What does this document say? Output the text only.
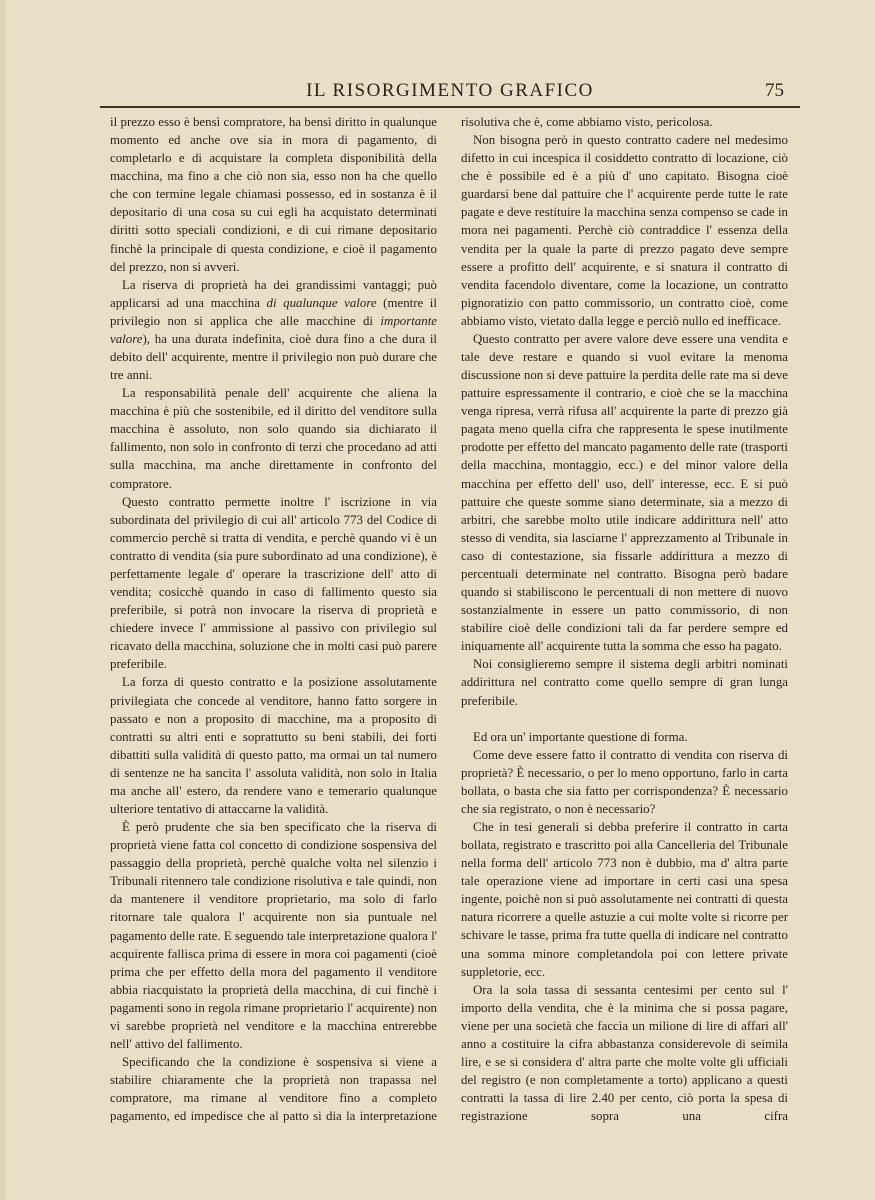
IL RISORGIMENTO GRAFICO	75

il prezzo esso è bensì compratore, ha bensì diritto in qualunque momento ed anche ove sia in mora di pagamento, di completarlo e di acquistare la completa disponibilità della macchina, ma fino a che ciò non sia, esso non ha che quello che con termine legale chiamasi possesso, ed in sostanza è il depositario di una cosa su cui egli ha acquistato determinati diritti sotto speciali condizioni, e di cui rimane depositario finchè la principale di questa condizione, e cioè il pagamento del prezzo, non si avveri.

La riserva di proprietà ha dei grandissimi vantaggi; può applicarsi ad una macchina di qualunque valore (mentre il privilegio non si applica che alle macchine di importante valore), ha una durata indefinita, cioè dura fino a che dura il debito dell' acquirente, mentre il privilegio non può durare che tre anni.

La responsabilità penale dell' acquirente che aliena la macchina è più che sostenibile, ed il diritto del venditore sulla macchina è assoluto, non solo quando sia dichiarato il fallimento, non solo in confronto di terzi che procedano ad atti sulla macchina, ma anche direttamente in confronto del compratore.

Questo contratto permette inoltre l' iscrizione in via subordinata del privilegio di cui all' articolo 773 del Codice di commercio perchè si tratta di vendita, e perchè quando vi è un contratto di vendita (sia pure subordinato ad una condizione), è perfettamente legale d' operare la trascrizione dell' atto di vendita; cosicchè quando in caso di fallimento questo sia preferibile, si potrà non invocare la riserva di proprietà e chiedere invece l' ammissione al passivo con privilegio sul ricavato della macchina, soluzione che in molti casi può parere preferibile.

La forza di questo contratto e la posizione assolutamente privilegiata che concede al venditore, hanno fatto sorgere in passato e non a proposito di macchine, ma a proposito di contratti su altri enti e soprattutto su beni stabili, dei forti dibattiti sulla validità di questo patto, ma ormai un tal numero di sentenze ne ha sancita l' assoluta validità, non solo in Italia ma anche all' estero, da rendere vano e temerario qualunque ulteriore tentativo di attaccarne la validità.

È però prudente che sia ben specificato che la riserva di proprietà viene fatta col concetto di condizione sospensiva del passaggio della proprietà, perchè qualche volta nel silenzio i Tribunali ritennero tale condizione risolutiva e tale quindi, non da mantenere il venditore proprietario, ma solo di farlo ritornare tale qualora l' acquirente non sia puntuale nel pagamento delle rate. E seguendo tale interpretazione qualora l' acquirente fallisca prima di essere in mora coi pagamenti (cioè prima che per effetto della mora del pagamento il venditore abbia riacquistato la proprietà della macchina, di cui finchè i pagamenti sono in regola rimane proprietario l' acquirente) non vi sarebbe proprietà nel venditore e la macchina entrerebbe nell' attivo del fallimento.

Specificando che la condizione è sospensiva si viene a stabilire chiaramente che la proprietà non trapassa nel compratore, ma rimane al venditore fino a completo pagamento, ed impedisce che al patto si dia la interpretazione

risolutiva che è, come abbiamo visto, pericolosa.

Non bisogna però in questo contratto cadere nel medesimo difetto in cui incespica il cosiddetto contratto di locazione, ciò che è possibile ed è a più d' uno capitato. Bisogna cioè guardarsi bene dal pattuire che l' acquirente perde tutte le rate pagate e deve restituire la macchina senza compenso se cade in mora nei pagamenti. Perchè ciò contraddice l' essenza della vendita per la quale la parte di prezzo pagato deve sempre essere a profitto dell' acquirente, e si snatura il contratto di vendita facendolo diventare, come la locazione, un contratto pignoratizio con patto commissorio, un contratto cioè, come abbiamo visto, vietato dalla legge e perciò nullo ed inefficace.

Questo contratto per avere valore deve essere una vendita e tale deve restare e quando si vuol evitare la menoma discussione non si deve pattuire la perdita delle rate ma si deve pattuire espressamente il contrario, e cioè che se la macchina venga ripresa, verrà rifusa all' acquirente la parte di prezzo già pagata meno quella cifra che rappresenta le spese inutilmente prodotte per effetto del mancato pagamento delle rate (trasporti della macchina, montaggio, ecc.) e del minor valore della macchina per effetto dell' uso, dell' interesse, ecc. E si può pattuire che queste somme siano determinate, sia a mezzo di arbitri, che sarebbe molto utile indicare addirittura nell' atto stesso di vendita, sia lasciarne l' apprezzamento al Tribunale in caso di contestazione, sia fissarle addirittura a mezzo di percentuali determinate nel contratto. Bisogna però badare quando si stabiliscono le percentuali di non mettere di nuovo sostanzialmente in essere un patto commissorio, di non stabilire cioè delle condizioni tali da far perdere sempre ed iniquamente all' acquirente tutta la somma che esso ha pagato.

Noi consiglieremo sempre il sistema degli arbitri nominati addirittura nel contratto come quello sempre di gran lunga preferibile.

Ed ora un' importante questione di forma.

Come deve essere fatto il contratto di vendita con riserva di proprietà? È necessario, o per lo meno opportuno, farlo in carta bollata, o basta che sia fatto per corrispondenza? È necessario che sia registrato, o non è necessario?

Che in tesi generali si debba preferire il contratto in carta bollata, registrato e trascritto poi alla Cancelleria del Tribunale nella forma dell' articolo 773 non è dubbio, ma d' altra parte tale operazione viene ad importare in certi casi una spesa ingente, poichè non si può assolutamente nei contratti di questa natura ricorrere a quelle astuzie a cui molte volte si ricorre per schivare le tasse, prima fra tutte quella di indicare nel contratto una somma minore completandola poi con lettere private suppletorie, ecc.

Ora la sola tassa di sessanta centesimi per cento sul l' importo della vendita, che è la minima che si possa pagare, viene per una società che faccia un milione di lire di affari all' anno a costituire la cifra abbastanza considerevole di seimila lire, e se si considera d' altra parte che molte volte gli ufficiali del registro (e non completamente a torto) applicano a questi contratti la tassa di lire 2.40 per cento, ciò porta la spesa di registrazione sopra una cifra
